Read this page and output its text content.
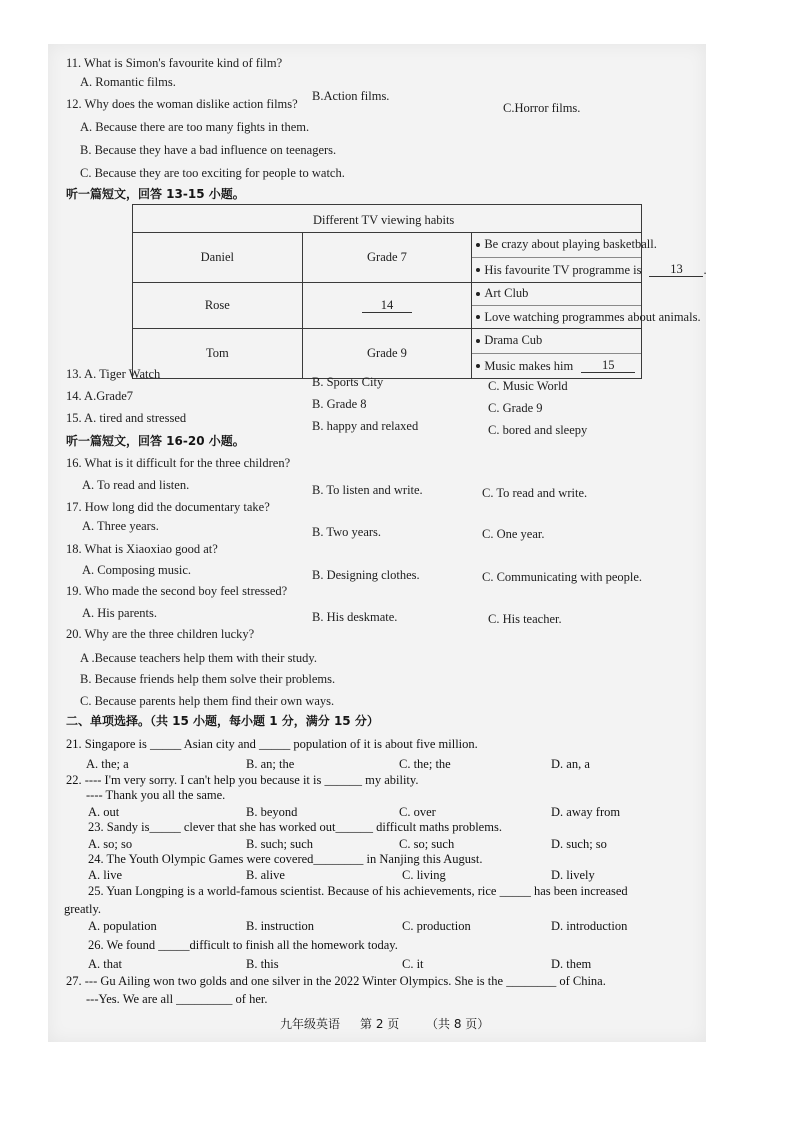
11. What is Simon's favourite kind of film?
A. Romantic films.
B.Action films.
C.Horror films.
12. Why does the woman dislike action films?
A. Because there are too many fights in them.
B. Because they have a bad influence on teenagers.
C. Because they are too exciting for people to watch.
听一篇短文，回答 13-15 小题。
Different TV viewing habits		

Daniel	Grade 7	Be crazy about playing basketball.
His favourite TV programme is 13 .

Rose	14	Art Club
Love watching programmes about animals.

Tom	Grade 9	Drama Cub
Music makes him 15
13. A. Tiger Watch
B. Sports City	C. Music World
14. A.Grade7
B. Grade 8	C. Grade 9
15. A. tired and stressed
B. happy and relaxed	C. bored and sleepy
听一篇短文，回答 16-20 小题。
16. What is it difficult for the three children?
A. To read and listen.	B. To listen and write.	C. To read and write.
17. How long did the documentary take?
A. Three years.	B. Two years.	C. One year.
18. What is Xiaoxiao good at?
A. Composing music.	B. Designing clothes.	C. Communicating with people.
19. Who made the second boy feel stressed?
A. His parents.	B. His deskmate.	C. His teacher.
20. Why are the three children lucky?
A .Because teachers help them with their study.
B. Because friends help them solve their problems.
C. Because parents help them find their own ways.
二、单项选择。（共 15 小题，每小题 1 分，满分 15 分）
21. Singapore is _____ Asian city and _____ population of it is about five million.
A. the; a	B. an; the	C. the; the	D. an, a
22. ---- I'm very sorry. I can't help you because it is ______ my ability.
---- Thank you all the same.
A. out	B. beyond	C. over	D. away from
23. Sandy is_____ clever that she has worked out______ difficult maths problems.
A. so; so	B. such; such	C. so; such	D. such; so
24. The Youth Olympic Games were covered________ in Nanjing this August.
A. live	B. alive	C. living	D. lively
25. Yuan Longping is a world-famous scientist. Because of his achievements, rice _____ has been increased
greatly.
A. population	B. instruction	C. production	D. introduction
26. We found _____difficult to finish all the homework today.
A. that	B. this	C. it	D. them
27. --- Gu Ailing won two golds and one silver in the 2022 Winter Olympics. She is the ________ of China.
---Yes. We are all _________ of her.
九年级英语 第 2 页 （共 8 页）
